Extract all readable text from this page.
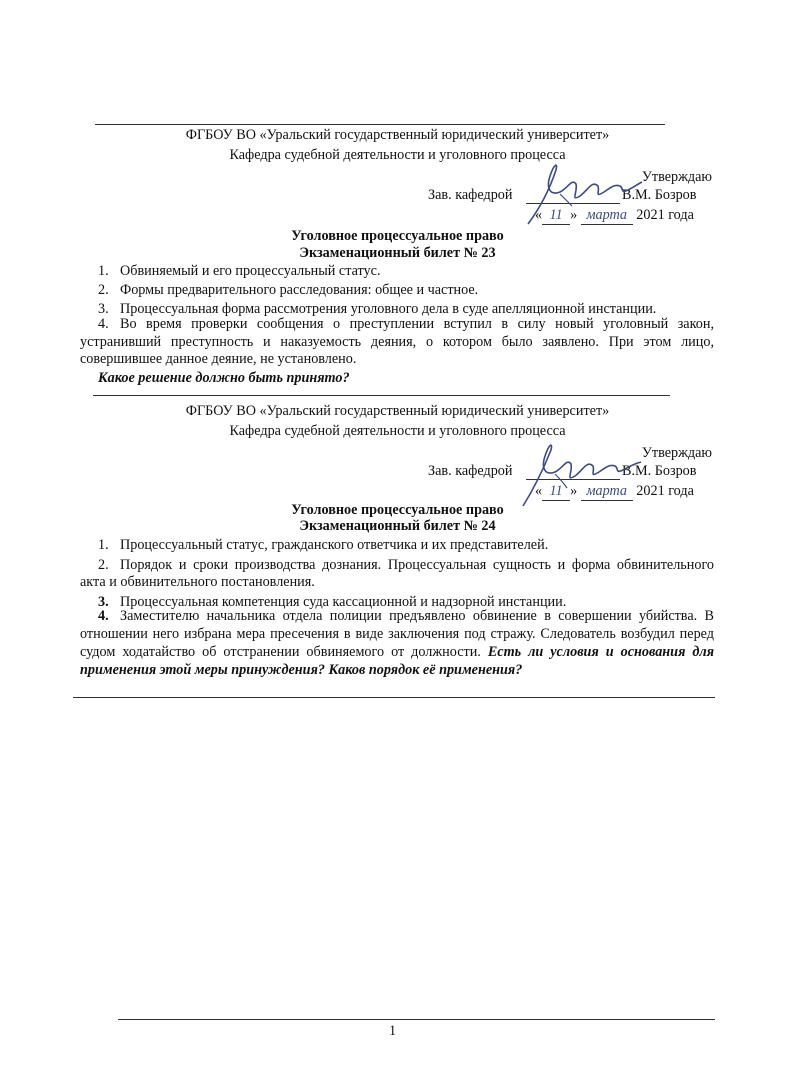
ФГБОУ ВО «Уральский государственный юридический университет»
Кафедра судебной деятельности и уголовного процесса
Утверждаю
Зав. кафедрой	В.М. Бозров
« 11 » марта 2021 года
Уголовное процессуальное право
Экзаменационный билет № 23
1. Обвиняемый и его процессуальный статус.
2. Формы предварительного расследования: общее и частное.
3. Процессуальная форма рассмотрения уголовного дела в суде апелляционной инстанции.
4. Во время проверки сообщения о преступлении вступил в силу новый уголовный закон, устранивший преступность и наказуемость деяния, о котором было заявлено. При этом лицо, совершившее данное деяние, не установлено.
Какое решение должно быть принято?
ФГБОУ ВО «Уральский государственный юридический университет»
Кафедра судебной деятельности и уголовного процесса
Утверждаю
Зав. кафедрой	В.М. Бозров
« 11 » марта 2021 года
Уголовное процессуальное право
Экзаменационный билет № 24
1. Процессуальный статус, гражданского ответчика и их представителей.
2. Порядок и сроки производства дознания. Процессуальная сущность и форма обвинительного акта и обвинительного постановления.
3. Процессуальная компетенция суда кассационной и надзорной инстанции.
4. Заместителю начальника отдела полиции предъявлено обвинение в совершении убийства. В отношении него избрана мера пресечения в виде заключения под стражу. Следователь возбудил перед судом ходатайство об отстранении обвиняемого от должности. Есть ли условия и основания для применения этой меры принуждения? Каков порядок её применения?
1
